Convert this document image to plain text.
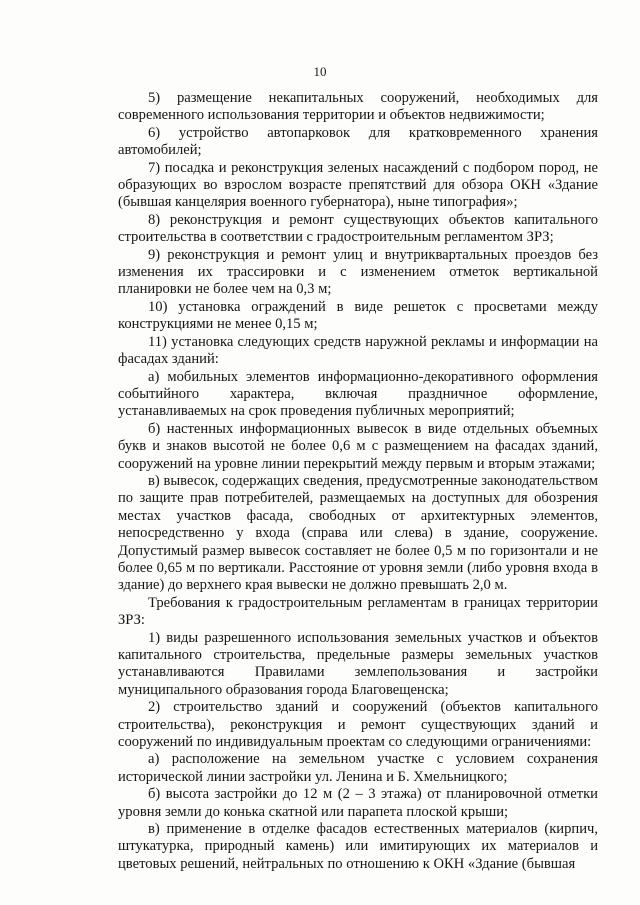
10

5) размещение некапитальных сооружений, необходимых для современного использования территории и объектов недвижимости;

6) устройство автопарковок для кратковременного хранения автомобилей;

7) посадка и реконструкция зеленых насаждений с подбором пород, не образующих во взрослом возрасте препятствий для обзора ОКН «Здание (бывшая канцелярия военного губернатора), ныне типография»;

8) реконструкция и ремонт существующих объектов капитального строительства в соответствии с градостроительным регламентом ЗРЗ;

9) реконструкция и ремонт улиц и внутриквартальных проездов без изменения их трассировки и с изменением отметок вертикальной планировки не более чем на 0,3 м;

10) установка ограждений в виде решеток с просветами между конструкциями не менее 0,15 м;

11) установка следующих средств наружной рекламы и информации на фасадах зданий:

а) мобильных элементов информационно-декоративного оформления событийного характера, включая праздничное оформление, устанавливаемых на срок проведения публичных мероприятий;

б) настенных информационных вывесок в виде отдельных объемных букв и знаков высотой не более 0,6 м с размещением на фасадах зданий, сооружений на уровне линии перекрытий между первым и вторым этажами;

в) вывесок, содержащих сведения, предусмотренные законодательством по защите прав потребителей, размещаемых на доступных для обозрения местах участков фасада, свободных от архитектурных элементов, непосредственно у входа (справа или слева) в здание, сооружение. Допустимый размер вывесок составляет не более 0,5 м по горизонтали и не более 0,65 м по вертикали. Расстояние от уровня земли (либо уровня входа в здание) до верхнего края вывески не должно превышать 2,0 м.

Требования к градостроительным регламентам в границах территории ЗРЗ:

1) виды разрешенного использования земельных участков и объектов капитального строительства, предельные размеры земельных участков устанавливаются Правилами землепользования и застройки муниципального образования города Благовещенска;

2) строительство зданий и сооружений (объектов капитального строительства), реконструкция и ремонт существующих зданий и сооружений по индивидуальным проектам со следующими ограничениями:

а) расположение на земельном участке с условием сохранения исторической линии застройки ул. Ленина и Б. Хмельницкого;

б) высота застройки до 12 м (2 – 3 этажа) от планировочной отметки уровня земли до конька скатной или парапета плоской крыши;

в) применение в отделке фасадов естественных материалов (кирпич, штукатурка, природный камень) или имитирующих их материалов и цветовых решений, нейтральных по отношению к ОКН «Здание (бывшая
